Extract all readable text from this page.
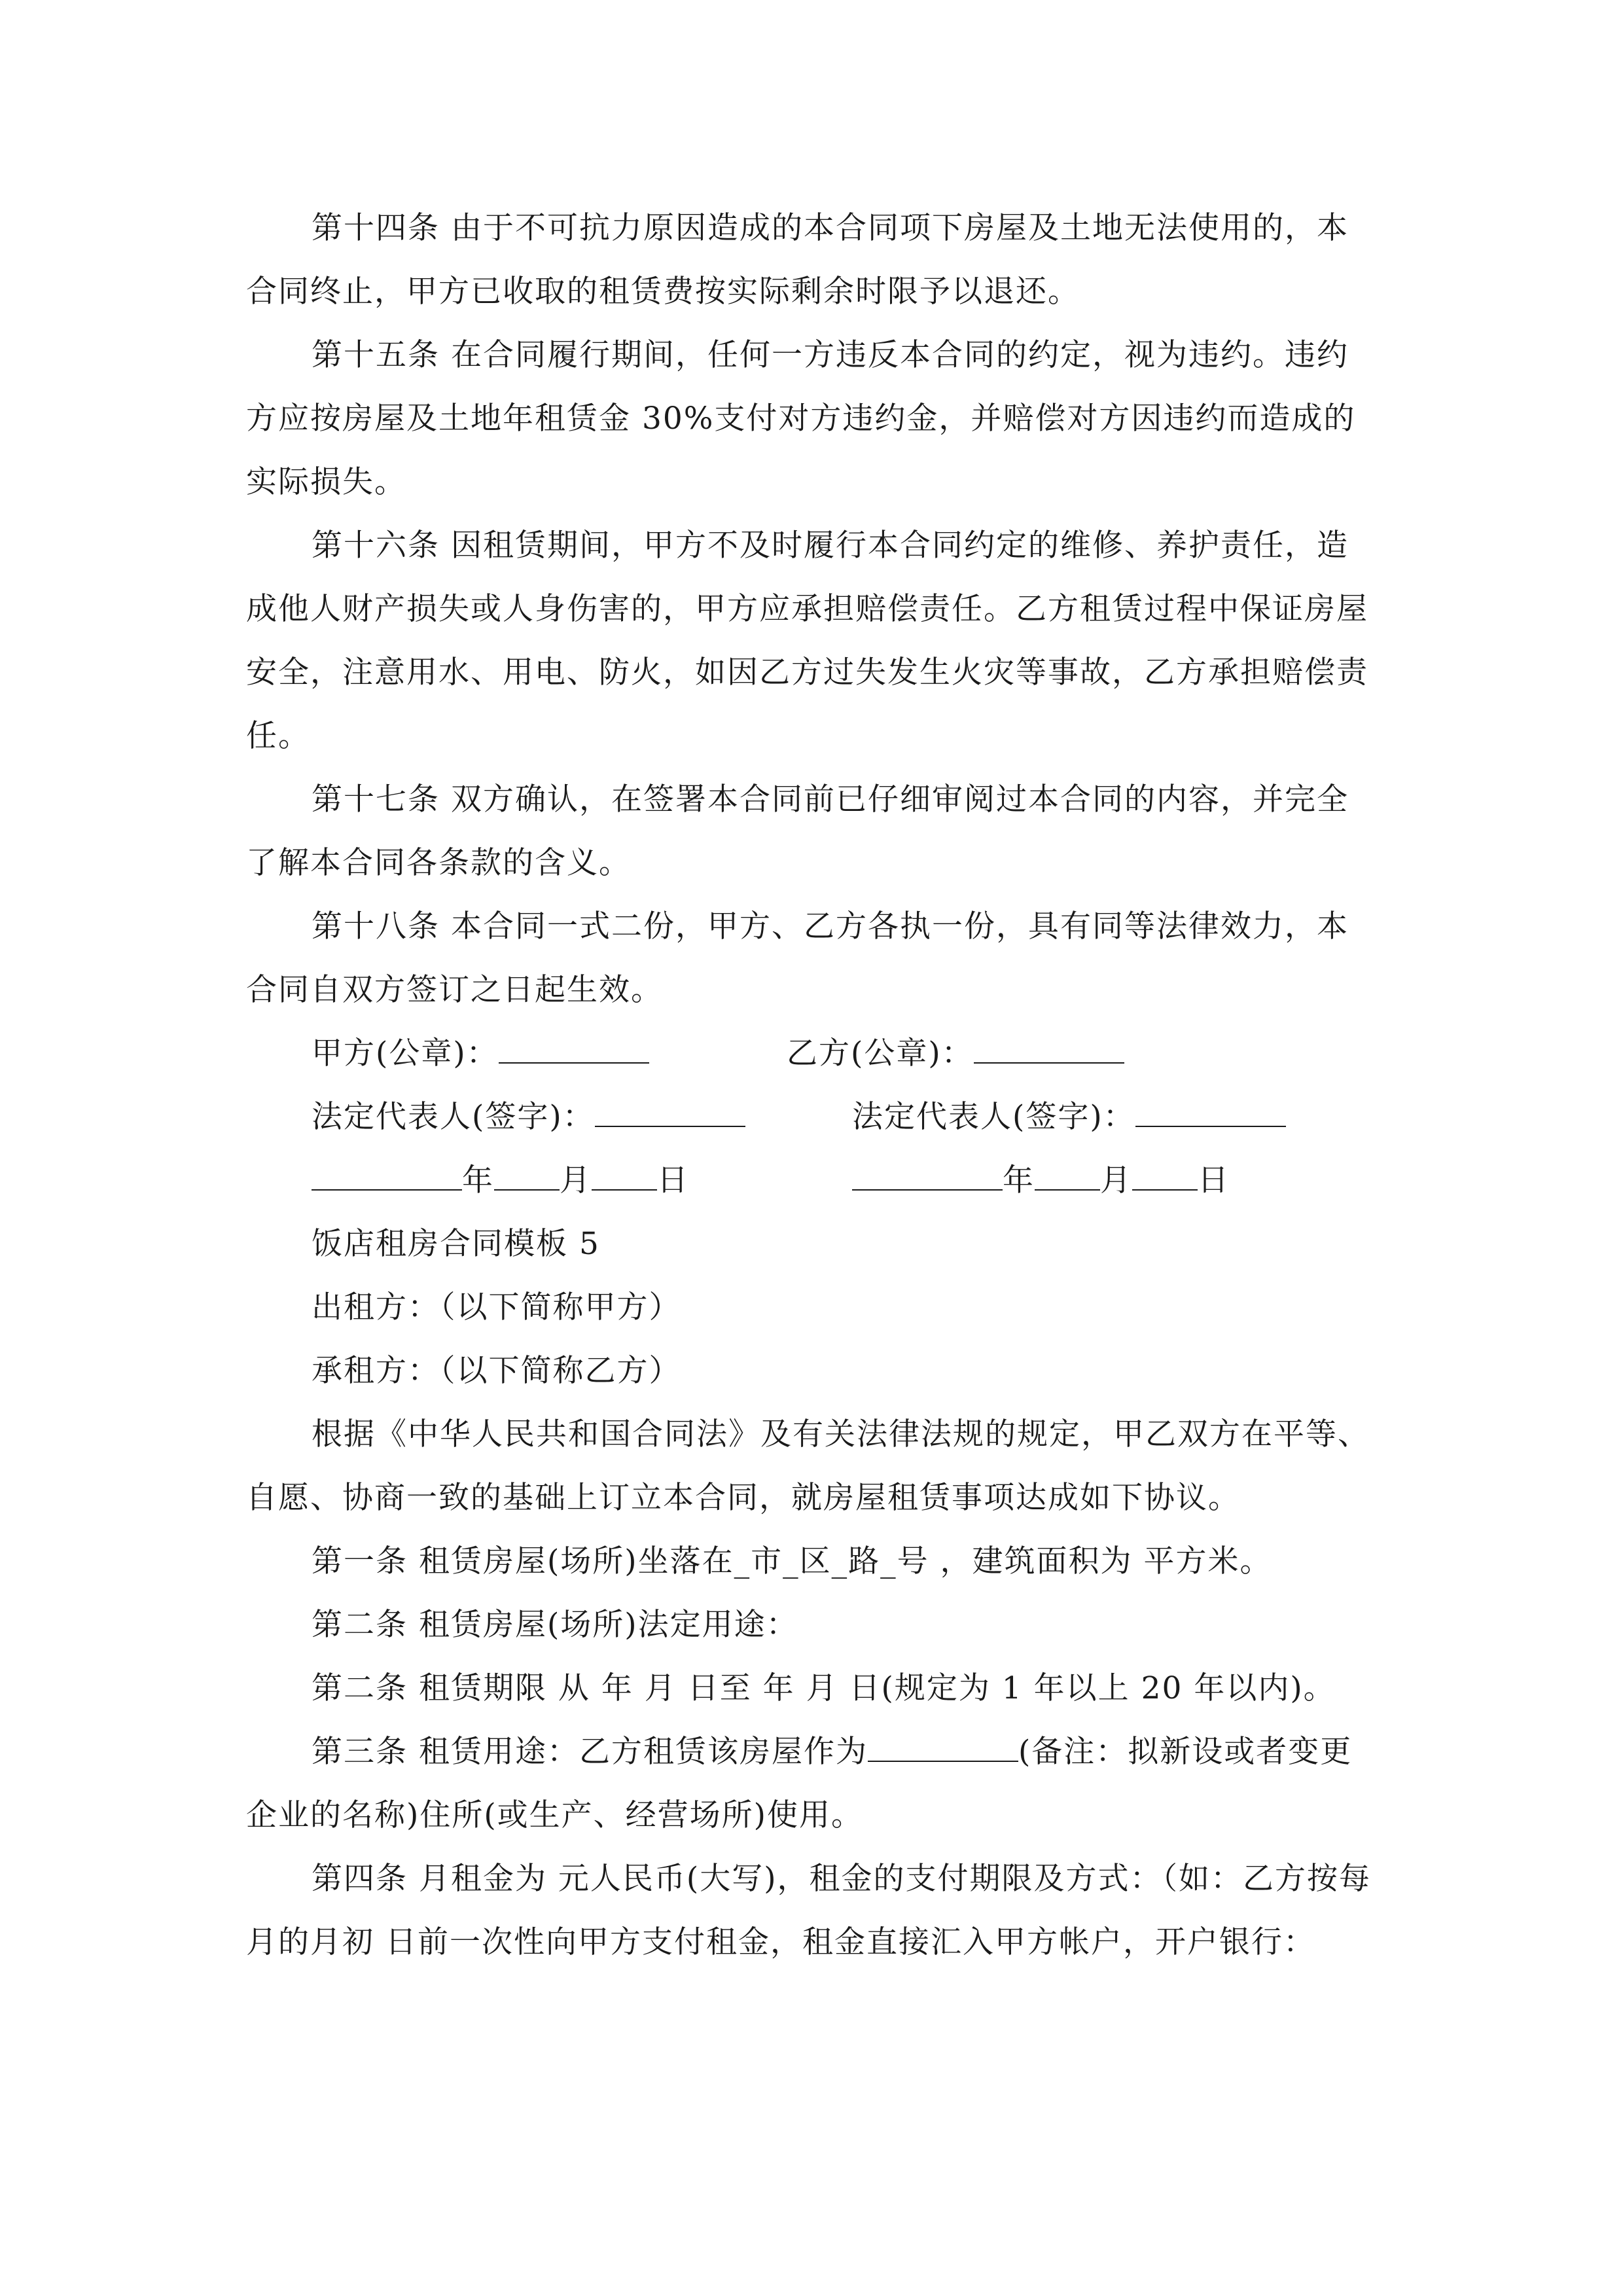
第十四条 由于不可抗力原因造成的本合同项下房屋及土地无法使用的，本合同终止，甲方已收取的租赁费按实际剩余时限予以退还。

第十五条 在合同履行期间，任何一方违反本合同的约定，视为违约。违约方应按房屋及土地年租赁金 30%支付对方违约金，并赔偿对方因违约而造成的实际损失。

第十六条 因租赁期间，甲方不及时履行本合同约定的维修、养护责任，造成他人财产损失或人身伤害的，甲方应承担赔偿责任。乙方租赁过程中保证房屋安全，注意用水、用电、防火，如因乙方过失发生火灾等事故，乙方承担赔偿责任。

第十七条 双方确认，在签署本合同前已仔细审阅过本合同的内容，并完全了解本合同各条款的含义。

第十八条 本合同一式二份，甲方、乙方各执一份，具有同等法律效力，本合同自双方签订之日起生效。

甲方(公章)：	乙方(公章)：
法定代表人(签字)：	法定代表人(签字)：
年 月 日	年 月 日

饭店租房合同模板 5

出租方：（以下简称甲方）

承租方：（以下简称乙方）

根据《中华人民共和国合同法》及有关法律法规的规定，甲乙双方在平等、自愿、协商一致的基础上订立本合同，就房屋租赁事项达成如下协议。

第一条 租赁房屋(场所)坐落在_市_区_路_号 ，建筑面积为 平方米。

第二条 租赁房屋(场所)法定用途：

第二条 租赁期限 从 年 月 日至 年 月 日(规定为 1 年以上 20 年以内)。

第三条 租赁用途：乙方租赁该房屋作为	(备注：拟新设或者变更企业的名称)住所(或生产、经营场所)使用。

第四条 月租金为 元人民币(大写)，租金的支付期限及方式：（如：乙方按每 月的月初 日前一次性向甲方支付租金，租金直接汇入甲方帐户，开户银行：
